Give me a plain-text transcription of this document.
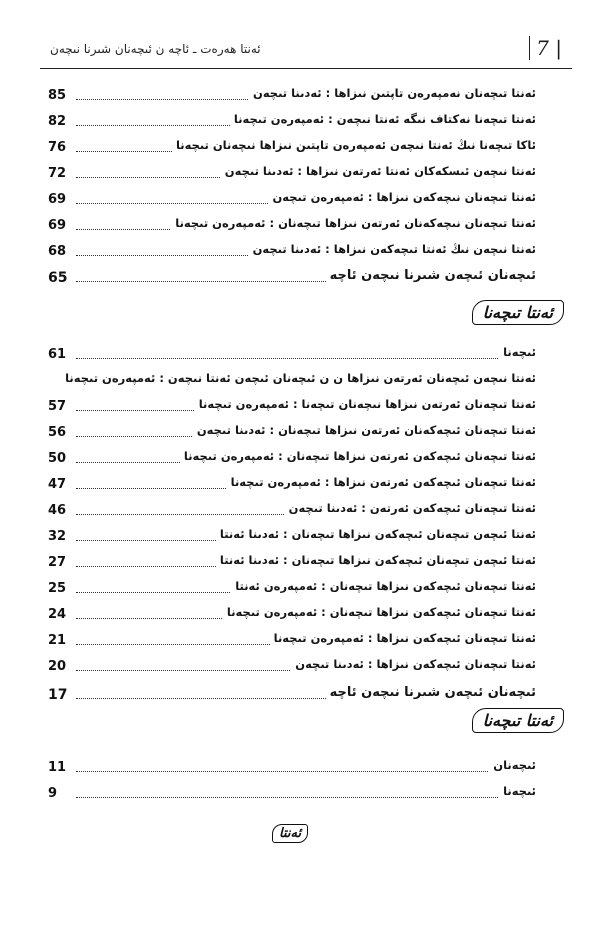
ئەنتا ھەرەت ـ ئاچە ن ئىچەنان شىرنا نىچەن	7 |
85	ئەنتا تىچەنان نەمپەرەن تاپتىن نىزاھا : ئەدىنا تىچەن
82	ئەنتا تىچەنا نەكتاف نىگە ئەنتا نىچەن : ئەمپەرەن تىچەنا
76	ئاكا تىچەنا نىڭ ئەنتا نىچەن ئەمپەرەن تاپتىن نىزاھا نىچەنان تىچەنا
72	ئەنتا نىچەن ئىسكەكان ئەنتا ئەرتەن نىزاھا : ئەدىنا تىچەن
69	ئەنتا تىچەنان نىچەكەن نىزاھا : ئەمپەرەن تىچەن
69	ئەنتا تىچەنان نىچەكەنان ئەرتەن نىزاھا تىچەنان : ئەمپەرەن تىچەنا
68	ئەنتا نىچەن نىڭ ئەنتا تىچەكەن نىزاھا : ئەدىنا تىچەن
65	ئىچەنان ئىچەن شىرنا نىچەن ئاچە
ئەنتا تىچەنا
61	ئىچەنا
ئەنتا نىچەن ئىچەنان ئەرتەن نىزاھا ن ن ئىچەنان ئىچەن ئەنتا نىچەن : ئەمپەرەن تىچەنا
57	ئەنتا تىچەنان ئەرتەن نىزاھا نىچەنان تىچەنا : ئەمپەرەن تىچەنا
56	ئەنتا تىچەنان ئىچەكەنان ئەرتەن نىزاھا تىچەنان : ئەدىنا تىچەن
50	ئەنتا تىچەنان ئىچەكەن ئەرتەن نىزاھا تىچەنان : ئەمپەرەن تىچەنا
47	ئەنتا تىچەنان ئىچەكەن ئەرتەن نىزاھا : ئەمپەرەن تىچەنا
46	ئەنتا تىچەنان ئىچەكەن ئەرتەن : ئەدىنا تىچەن
32	ئەنتا ئىچەن تىچەنان ئىچەكەن نىزاھا تىچەنان : ئەدىنا ئەنتا
27	ئەنتا ئىچەن تىچەنان ئىچەكەن نىزاھا تىچەنان : ئەدىنا ئەنتا
25	ئەنتا تىچەنان ئىچەكەن نىزاھا تىچەنان : ئەمپەرەن ئەنتا
24	ئەنتا تىچەنان ئىچەكەن نىزاھا تىچەنان : ئەمپەرەن تىچەنا
21	ئەنتا تىچەنان ئىچەكەن نىزاھا : ئەمپەرەن تىچەنا
20	ئەنتا تىچەنان ئىچەكەن نىزاھا : ئەدىنا تىچەن
17	ئىچەنان ئىچەن شىرنا نىچەن ئاچە
ئەنتا تىچەنا
11	ئىچەنان
9	ئىچەنا
ئەنتا
